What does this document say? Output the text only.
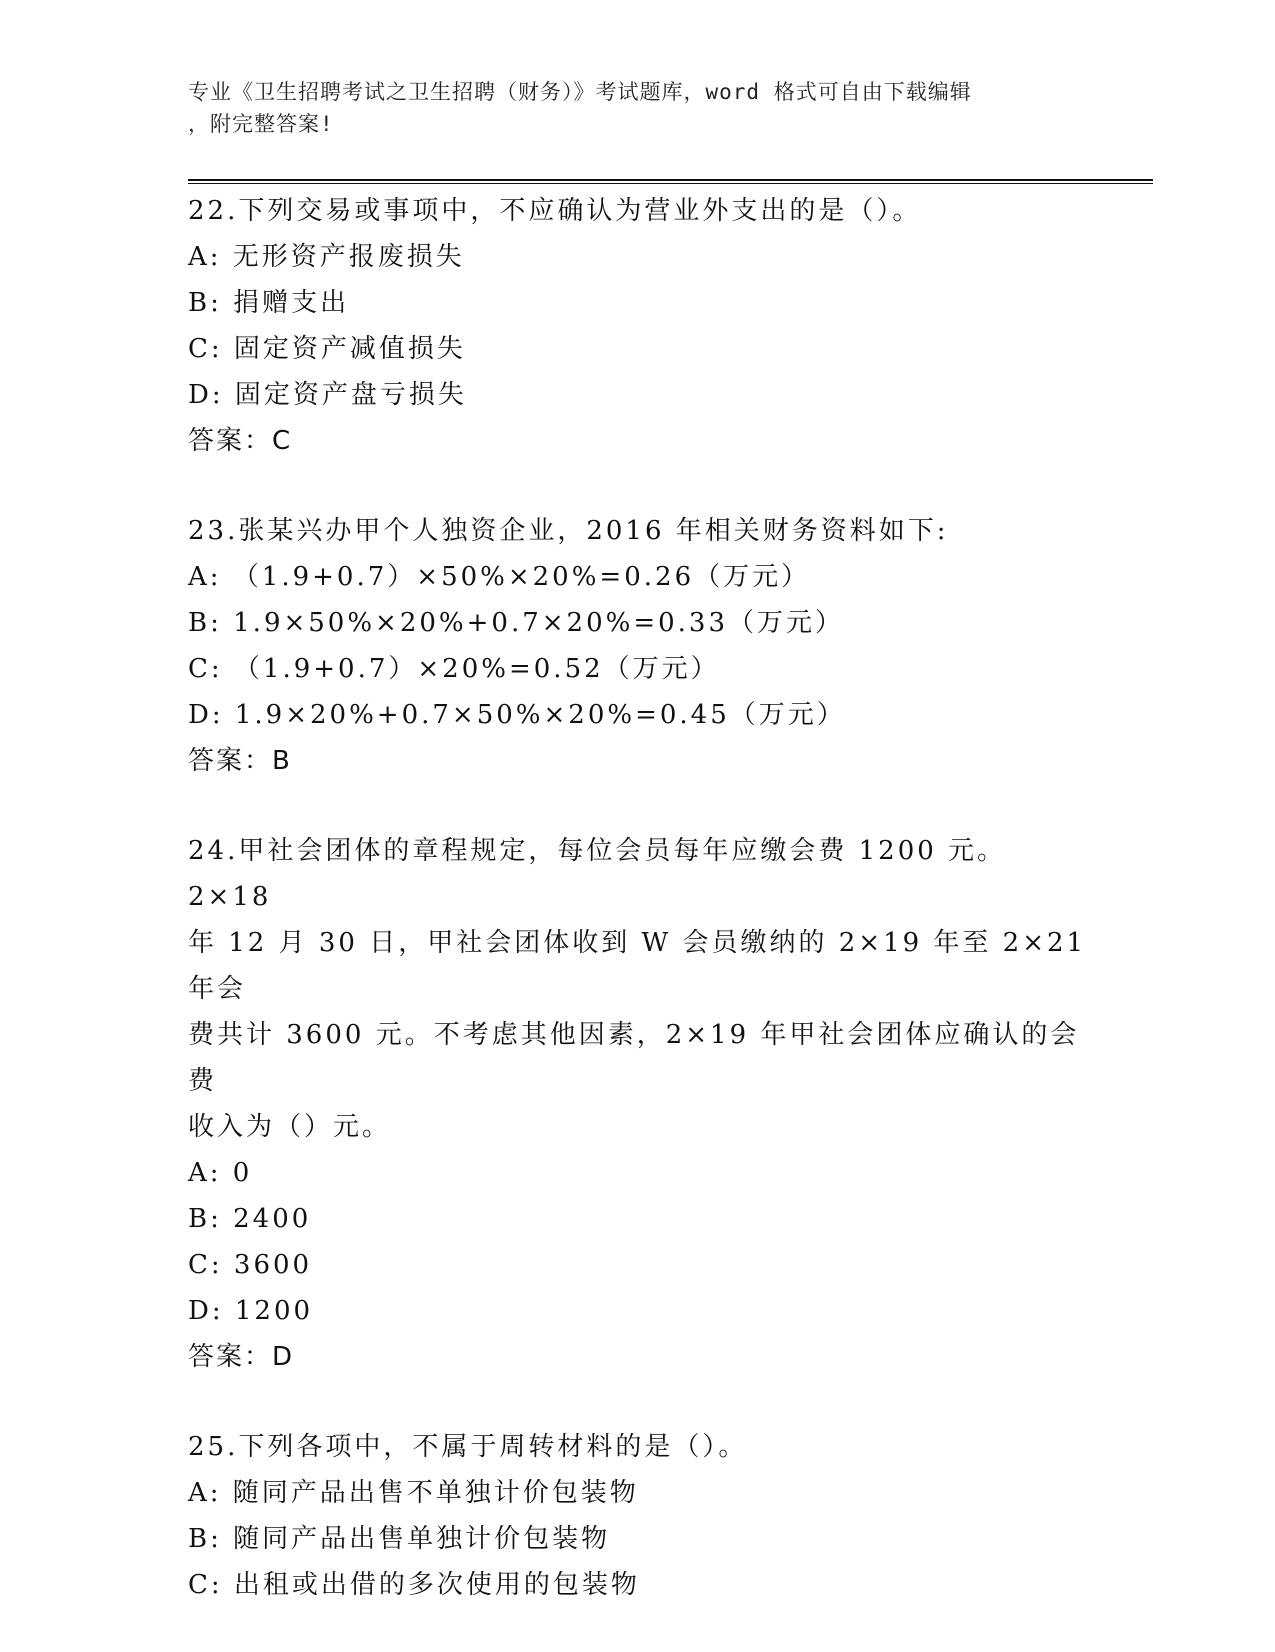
专业《卫生招聘考试之卫生招聘（财务）》考试题库，word 格式可自由下载编辑
，附完整答案!

22.下列交易或事项中，不应确认为营业外支出的是（）。

A: 无形资产报废损失

B: 捐赠支出

C: 固定资产减值损失

D: 固定资产盘亏损失

答案：C

23.张某兴办甲个人独资企业，2016 年相关财务资料如下:

A: （1.9+0.7）×50%×20%=0.26（万元）

B: 1.9×50%×20%+0.7×20%=0.33（万元）

C: （1.9+0.7）×20%=0.52（万元）

D: 1.9×20%+0.7×50%×20%=0.45（万元）

答案：B

24.甲社会团体的章程规定，每位会员每年应缴会费 1200 元。2×18

年 12 月 30 日，甲社会团体收到 W 会员缴纳的 2×19 年至 2×21 年会

费共计 3600 元。不考虑其他因素，2×19 年甲社会团体应确认的会费

收入为（）元。

A: 0

B: 2400

C: 3600

D: 1200

答案：D

25.下列各项中，不属于周转材料的是（）。

A: 随同产品出售不单独计价包装物

B: 随同产品出售单独计价包装物

C: 出租或出借的多次使用的包装物
